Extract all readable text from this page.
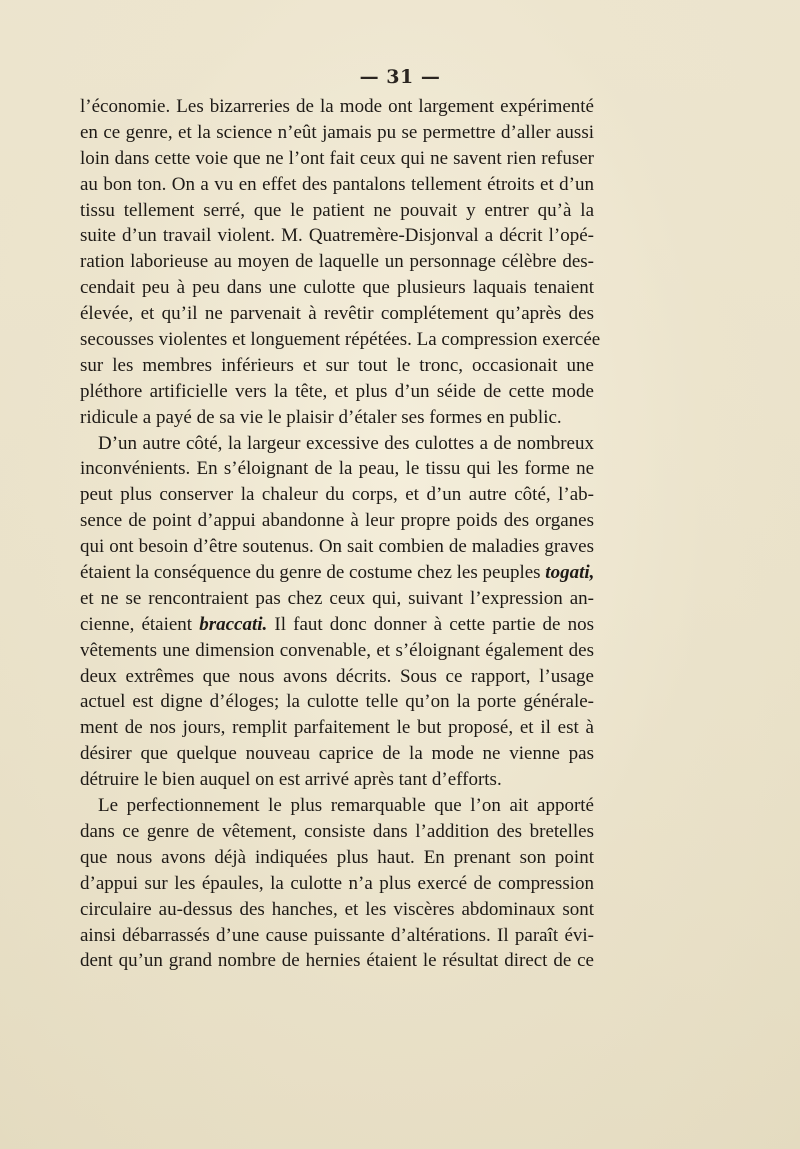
— 31 —
l’économie. Les bizarreries de la mode ont largement expérimenté
en ce genre, et la science n’eût jamais pu se permettre d’aller aussi
loin dans cette voie que ne l’ont fait ceux qui ne savent rien refuser
au bon ton. On a vu en effet des pantalons tellement étroits et d’un
tissu tellement serré, que le patient ne pouvait y entrer qu’à la
suite d’un travail violent. M. Quatremère-Disjonval a décrit l’opé-
ration laborieuse au moyen de laquelle un personnage célèbre des-
cendait peu à peu dans une culotte que plusieurs laquais tenaient
élevée, et qu’il ne parvenait à revêtir complétement qu’après des
secousses violentes et longuement répétées. La compression exercée
sur les membres inférieurs et sur tout le tronc, occasionait une
pléthore artificielle vers la tête, et plus d’un séide de cette mode
ridicule a payé de sa vie le plaisir d’étaler ses formes en public.
D’un autre côté, la largeur excessive des culottes a de nombreux
inconvénients. En s’éloignant de la peau, le tissu qui les forme ne
peut plus conserver la chaleur du corps, et d’un autre côté, l’ab-
sence de point d’appui abandonne à leur propre poids des organes
qui ont besoin d’être soutenus. On sait combien de maladies graves
étaient la conséquence du genre de costume chez les peuples togati,
et ne se rencontraient pas chez ceux qui, suivant l’expression an-
cienne, étaient braccati. Il faut donc donner à cette partie de nos
vêtements une dimension convenable, et s’éloignant également des
deux extrêmes que nous avons décrits. Sous ce rapport, l’usage
actuel est digne d’éloges; la culotte telle qu’on la porte générale-
ment de nos jours, remplit parfaitement le but proposé, et il est à
désirer que quelque nouveau caprice de la mode ne vienne pas
détruire le bien auquel on est arrivé après tant d’efforts.
Le perfectionnement le plus remarquable que l’on ait apporté
dans ce genre de vêtement, consiste dans l’addition des bretelles
que nous avons déjà indiquées plus haut. En prenant son point
d’appui sur les épaules, la culotte n’a plus exercé de compression
circulaire au-dessus des hanches, et les viscères abdominaux sont
ainsi débarrassés d’une cause puissante d’altérations. Il paraît évi-
dent qu’un grand nombre de hernies étaient le résultat direct de ce
